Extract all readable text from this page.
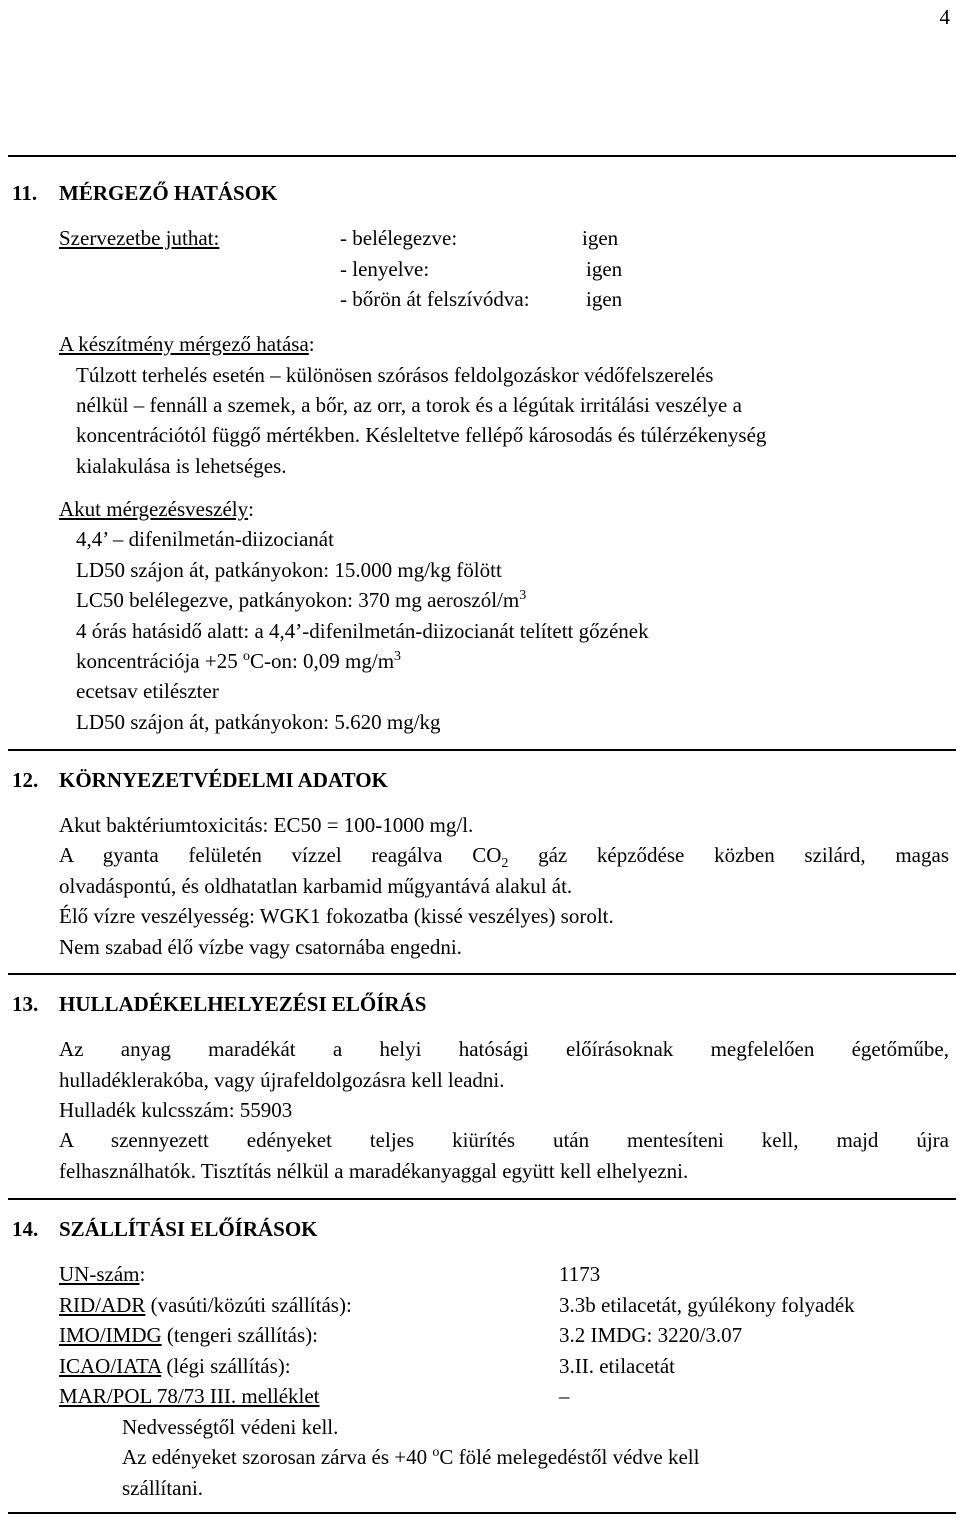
4
11. MÉRGEZŐ HATÁSOK
Szervezetbe juthat:	- belélegezve:	igen
- lenyelve:	igen
- bőrön át felszívódva:	igen
A készítmény mérgező hatása:
Túlzott terhelés esetén – különösen szórásos feldolgozáskor védőfelszerelés
nélkül – fennáll a szemek, a bőr, az orr, a torok és a légútak irritálási veszélye a
koncentrációtól függő mértékben. Késleltetve fellépő károsodás és túlérzékenység
kialakulása is lehetséges.
Akut mérgezésveszély:
4,4’ – difenilmetán-diizocianát
LD50 szájon át, patkányokon: 15.000 mg/kg fölött
LC50 belélegezve, patkányokon: 370 mg aeroszól/$m^3$
4 órás hatásidő alatt: a 4,4’-difenilmetán-diizocianát telített gőzének
koncentrációja +25 $^o$C-on: 0,09 $mg/m^3$
ecetsav etilészter
LD50 szájon át, patkányokon: 5.620 mg/kg
12. KÖRNYEZETVÉDELMI ADATOK
Akut baktériumtoxicitás: EC50 = 100-1000 mg/l.
A gyanta felületén vízzel reagálva $CO_2$ gáz képződése közben szilárd, magas
olvadáspontú, és oldhatatlan karbamid műgyantává alakul át.
Élő vízre veszélyesség: WGK1 fokozatba (kissé veszélyes) sorolt.
Nem szabad élő vízbe vagy csatornába engedni.
13. HULLADÉKELHELYEZÉSI ELŐÍRÁS
Az anyag maradékát a helyi hatósági előírásoknak megfelelően égetőműbe,
hulladéklerakóba, vagy újrafeldolgozásra kell leadni.
Hulladék kulcsszám: 55903
A szennyezett edényeket teljes kiürítés után mentesíteni kell, majd újra
felhasználhatók. Tisztítás nélkül a maradékanyaggal együtt kell elhelyezni.
14. SZÁLLÍTÁSI ELŐÍRÁSOK
UN-szám:	1173
RID/ADR (vasúti/közúti szállítás):	3.3b etilacetát, gyúlékony folyadék
IMO/IMDG (tengeri szállítás):	3.2 IMDG: 3220/3.07
ICAO/IATA (légi szállítás):	3.II. etilacetát
MAR/POL 78/73 III. melléklet	–
Nedvességtől védeni kell.
Az edényeket szorosan zárva és +40 $^o$C fölé melegedéstől védve kell
szállítani.
